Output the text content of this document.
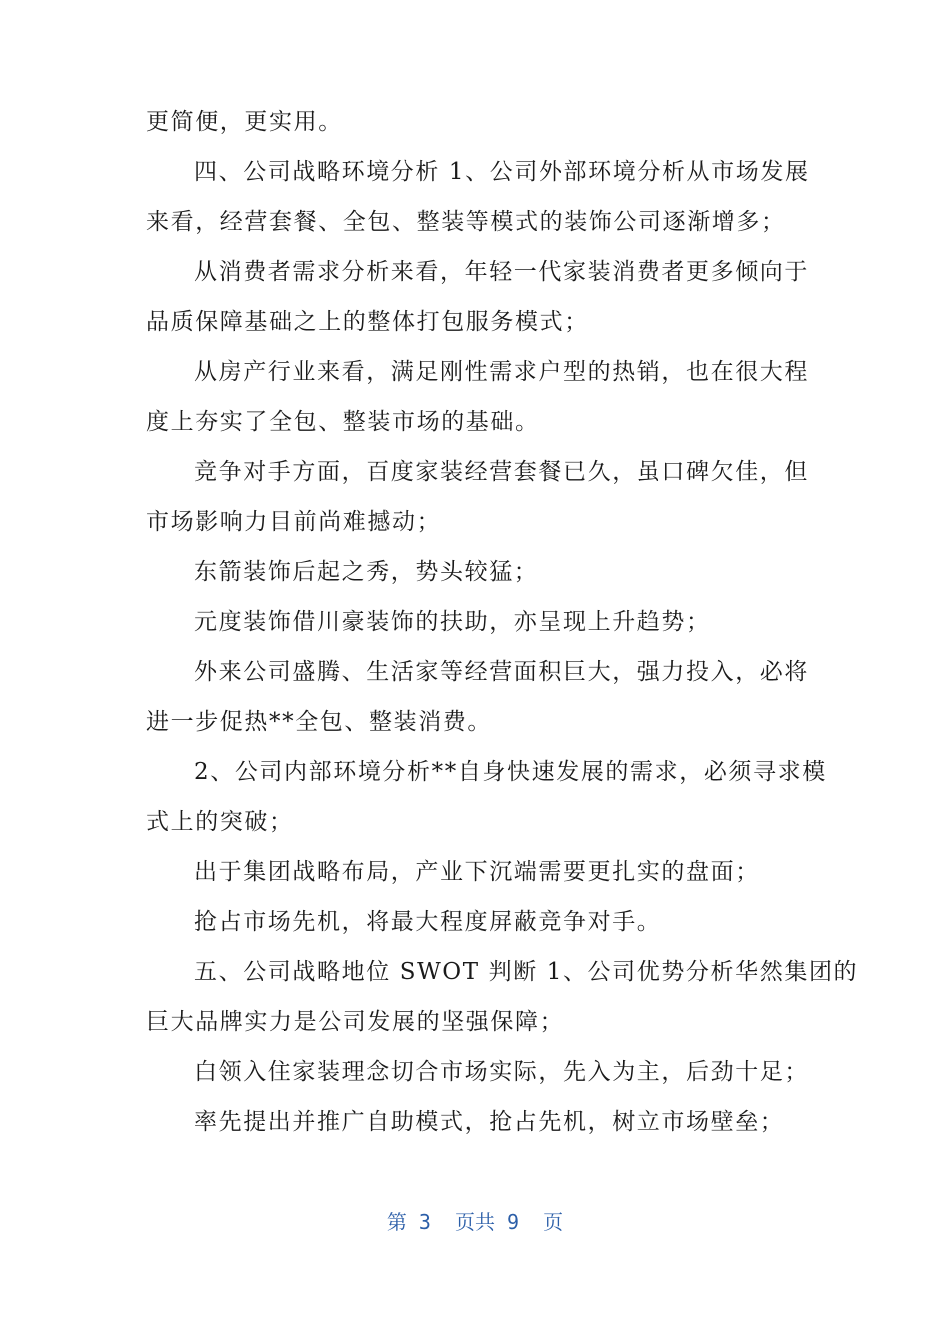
更简便，更实用。
四、公司战略环境分析 1、公司外部环境分析从市场发展
来看，经营套餐、全包、整装等模式的装饰公司逐渐增多；
从消费者需求分析来看，年轻一代家装消费者更多倾向于
品质保障基础之上的整体打包服务模式；
从房产行业来看，满足刚性需求户型的热销，也在很大程
度上夯实了全包、整装市场的基础。
竞争对手方面，百度家装经营套餐已久，虽口碑欠佳，但
市场影响力目前尚难撼动；
东箭装饰后起之秀，势头较猛；
元度装饰借川豪装饰的扶助，亦呈现上升趋势；
外来公司盛腾、生活家等经营面积巨大，强力投入，必将
进一步促热**全包、整装消费。
2、公司内部环境分析**自身快速发展的需求，必须寻求模
式上的突破；
出于集团战略布局，产业下沉端需要更扎实的盘面；
抢占市场先机，将最大程度屏蔽竞争对手。
五、公司战略地位 SWOT 判断 1、公司优势分析华然集团的
巨大品牌实力是公司发展的坚强保障；
白领入住家装理念切合市场实际，先入为主，后劲十足；
率先提出并推广自助模式，抢占先机，树立市场壁垒；
第 3  页共 9  页
